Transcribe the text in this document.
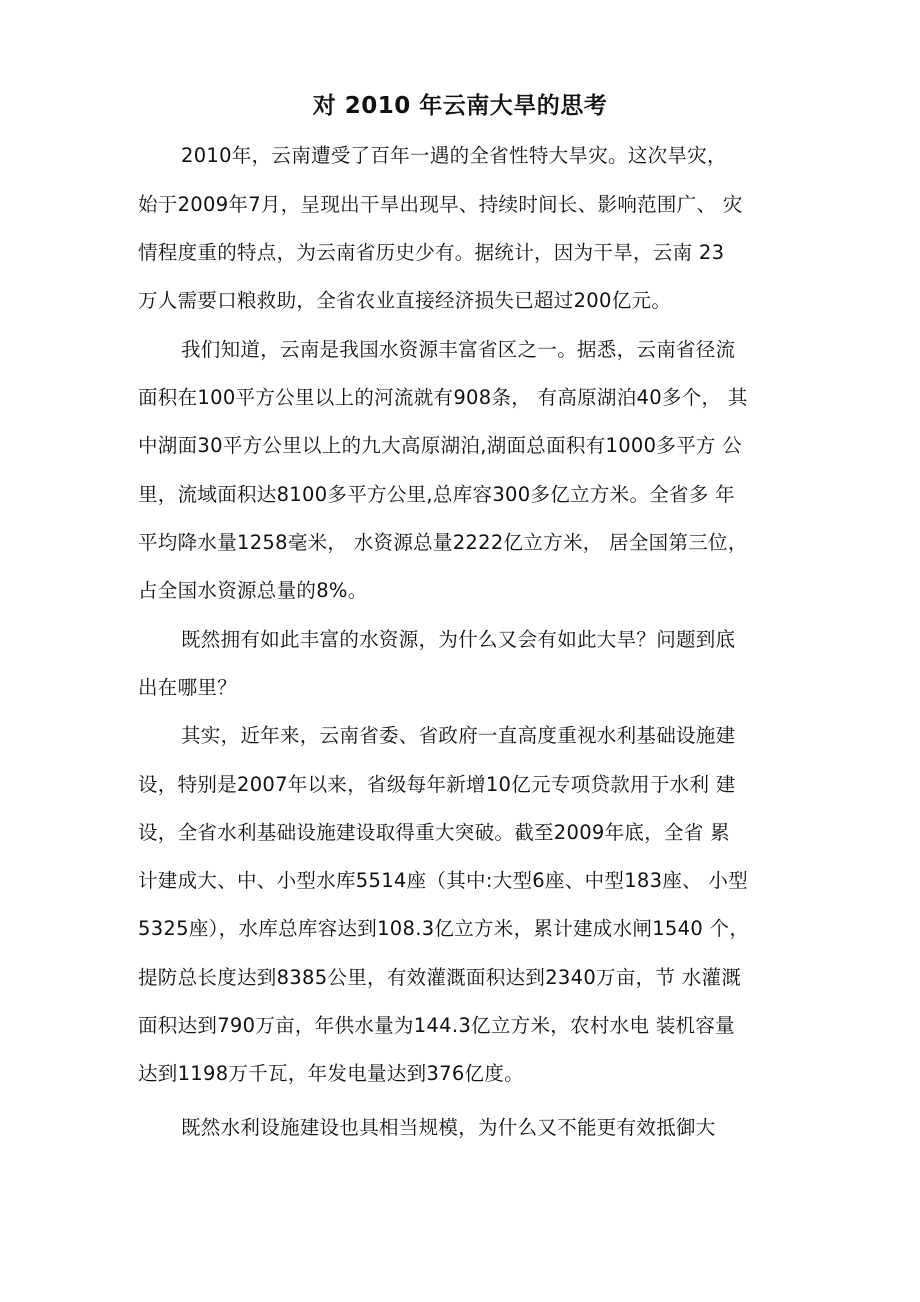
对 2010 年云南大旱的思考
2010年，云南遭受了百年一遇的全省性特大旱灾。这次旱灾，
始于2009年7月，呈现出干旱出现早、持续时间长、影响范围广、 灾
情程度重的特点，为云南省历史少有。据统计，因为干旱，云南 23
万人需要口粮救助，全省农业直接经济损失已超过200亿元。
我们知道，云南是我国水资源丰富省区之一。据悉，云南省径流
面积在100平方公里以上的河流就有908条， 有高原湖泊40多个， 其
中湖面30平方公里以上的九大高原湖泊,湖面总面积有1000多平方 公
里，流域面积达8100多平方公里,总库容300多亿立方米。全省多 年
平均降水量1258毫米， 水资源总量2222亿立方米， 居全国第三位，
占全国水资源总量的8%。
既然拥有如此丰富的水资源，为什么又会有如此大旱？问题到底
出在哪里？
其实，近年来，云南省委、省政府一直高度重视水利基础设施建
设，特别是2007年以来，省级每年新增10亿元专项贷款用于水利 建
设，全省水利基础设施建设取得重大突破。截至2009年底，全省 累
计建成大、中、小型水库5514座（其中:大型6座、中型183座、 小型
5325座），水库总库容达到108.3亿立方米，累计建成水闸1540 个，
提防总长度达到8385公里，有效灌溉面积达到2340万亩，节 水灌溉
面积达到790万亩，年供水量为144.3亿立方米，农村水电 装机容量
达到1198万千瓦，年发电量达到376亿度。
既然水利设施建设也具相当规模，为什么又不能更有效抵御大
